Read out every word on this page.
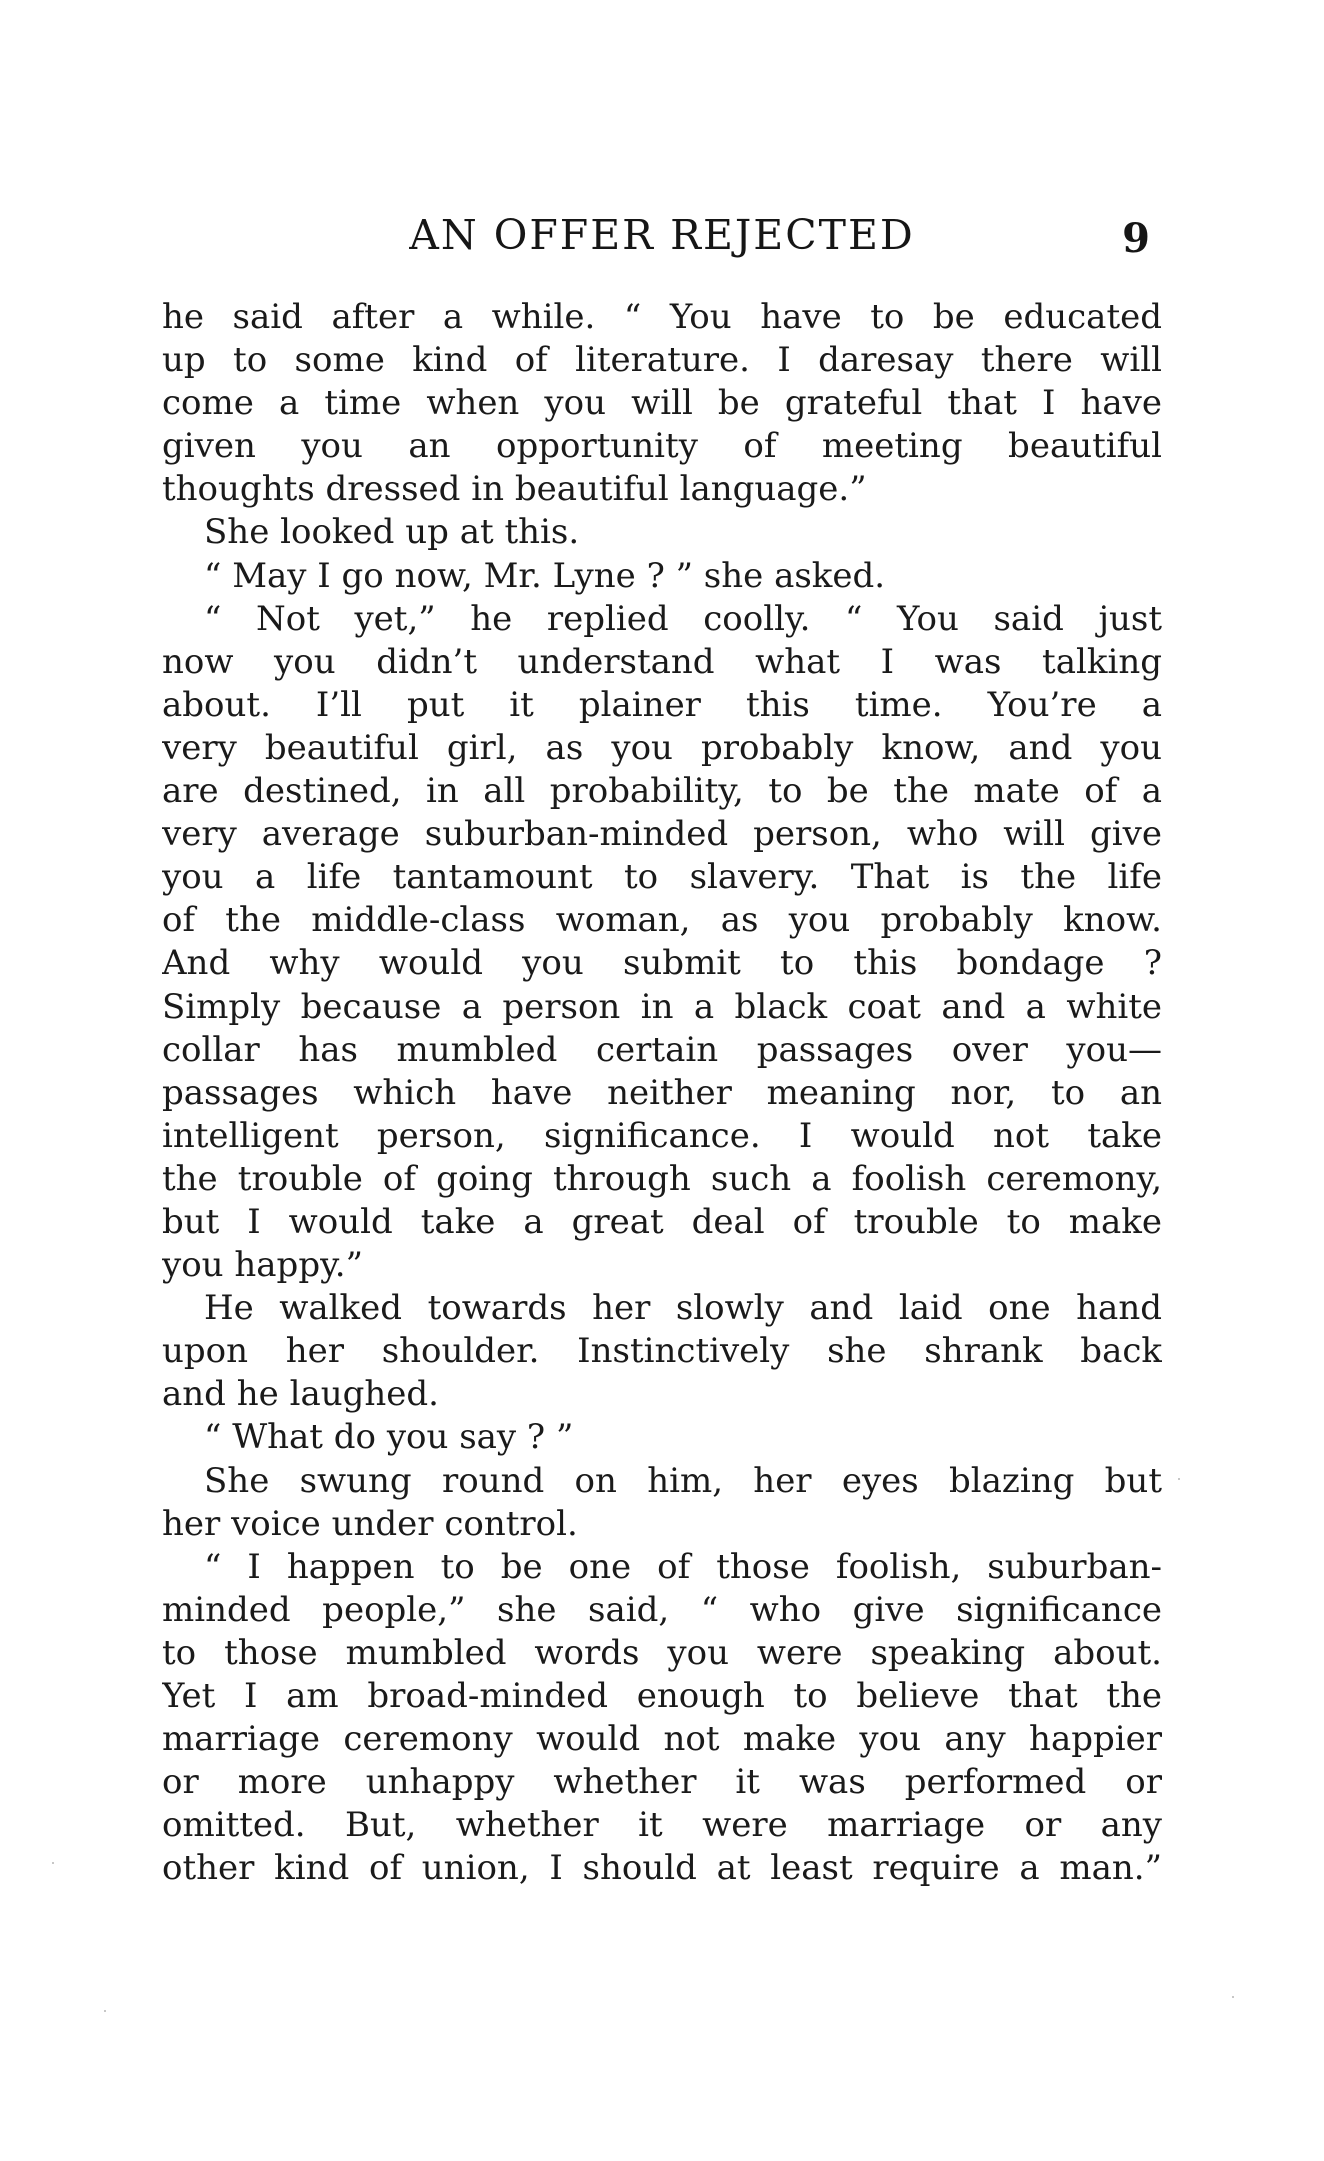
AN OFFER REJECTED	9
he said after a while. “ You have to be educated
up to some kind of literature. I daresay there will
come a time when you will be grateful that I have
given you an opportunity of meeting beautiful
thoughts dressed in beautiful language.”
She looked up at this.
“ May I go now, Mr. Lyne ? ” she asked.
“ Not yet,” he replied coolly. “ You said just
now you didn’t understand what I was talking
about. I’ll put it plainer this time. You’re a
very beautiful girl, as you probably know, and you
are destined, in all probability, to be the mate of a
very average suburban-minded person, who will give
you a life tantamount to slavery. That is the life
of the middle-class woman, as you probably know.
And why would you submit to this bondage ?
Simply because a person in a black coat and a white
collar has mumbled certain passages over you—
passages which have neither meaning nor, to an
intelligent person, significance. I would not take
the trouble of going through such a foolish ceremony,
but I would take a great deal of trouble to make
you happy.”
He walked towards her slowly and laid one hand
upon her shoulder. Instinctively she shrank back
and he laughed.
“ What do you say ? ”
She swung round on him, her eyes blazing but
her voice under control.
“ I happen to be one of those foolish, suburban-
minded people,” she said, “ who give significance
to those mumbled words you were speaking about.
Yet I am broad-minded enough to believe that the
marriage ceremony would not make you any happier
or more unhappy whether it was performed or
omitted. But, whether it were marriage or any
other kind of union, I should at least require a man.”
